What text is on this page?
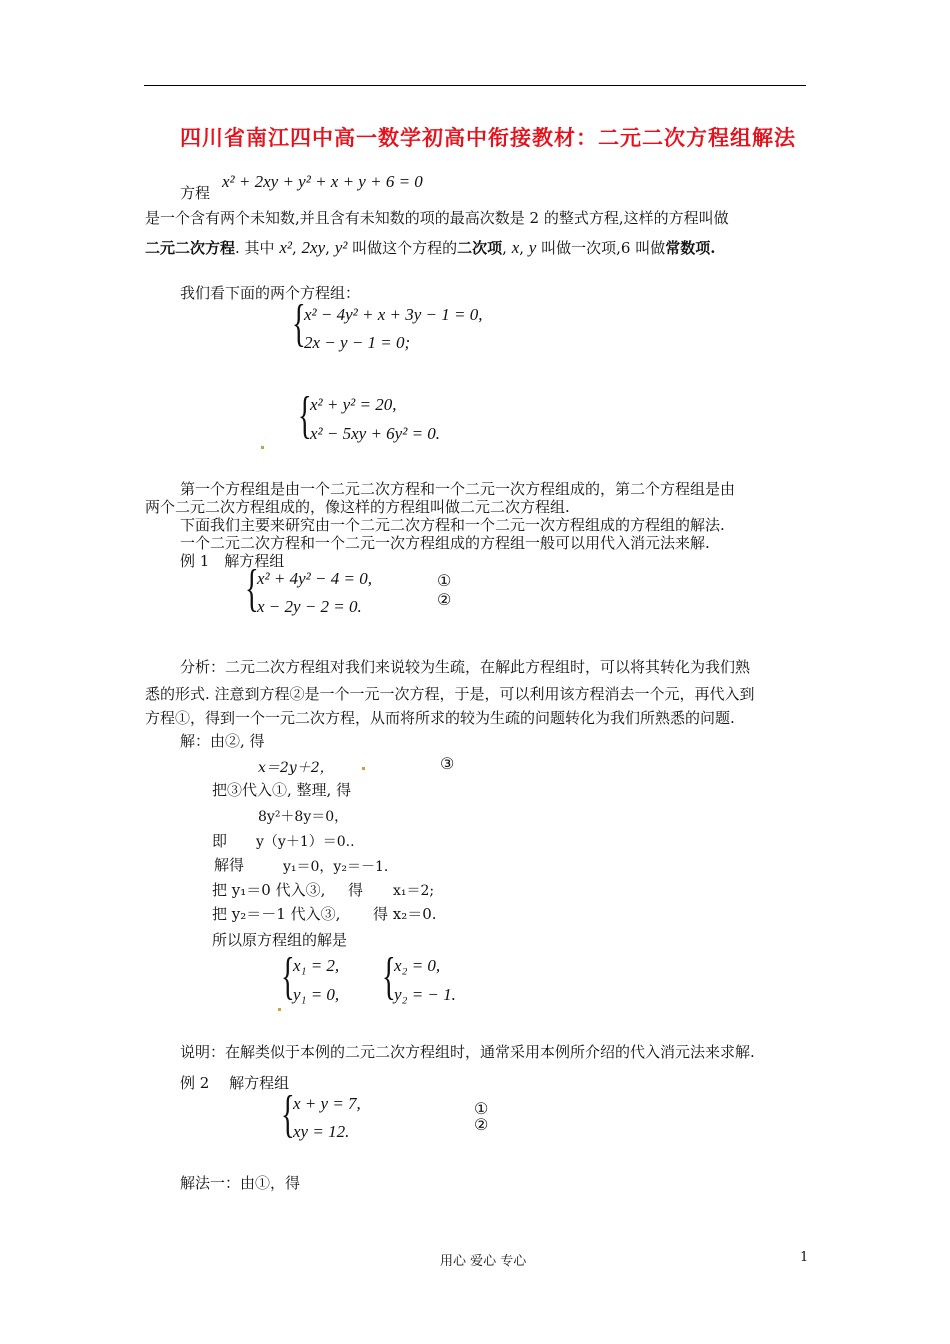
四川省南江四中高一数学初高中衔接教材：二元二次方程组解法
方程
x² + 2xy + y² + x + y + 6 = 0
是一个含有两个未知数,并且含有未知数的项的最高次数是 2 的整式方程,这样的方程叫做
二元二次方程. 其中 x², 2xy, y² 叫做这个方程的二次项, x, y 叫做一次项,6 叫做常数项.
我们看下面的两个方程组：
{
x² − 4y² + x + 3y − 1 = 0,
2x − y − 1 = 0;
{
x² + y² = 20,
x² − 5xy + 6y² = 0.
第一个方程组是由一个二元二次方程和一个二元一次方程组成的，第二个方程组是由
两个二元二次方程组成的，像这样的方程组叫做二元二次方程组.
下面我们主要来研究由一个二元二次方程和一个二元一次方程组成的方程组的解法.
一个二元二次方程和一个二元一次方程组成的方程组一般可以用代入消元法来解.
例 1　解方程组
{
x² + 4y² − 4 = 0,
x − 2y − 2 = 0.
①
②
分析：二元二次方程组对我们来说较为生疏，在解此方程组时，可以将其转化为我们熟
悉的形式. 注意到方程②是一个一元一次方程，于是，可以利用该方程消去一个元，再代入到
方程①，得到一个一元二次方程，从而将所求的较为生疏的问题转化为我们所熟悉的问题.
解：由②, 得
x＝2y＋2，	③
把③代入①, 整理, 得
8y²＋8y＝0，
即 y（y＋1）＝0..
解得	y₁＝0，y₂＝－1.
把 y₁＝0 代入③, 得 x₁＝2;
把 y₂＝－1 代入③, 得 x₂＝0.
所以原方程组的解是
{
x₁ = 2,
y₁ = 0, {
x₂ = 0,
y₂ = − 1.
说明：在解类似于本例的二元二次方程组时，通常采用本例所介绍的代入消元法来求解.
例 2　 解方程组
{
x + y = 7,
xy = 12.
①
②
解法一：由①，得
用心 爱心 专心	1
